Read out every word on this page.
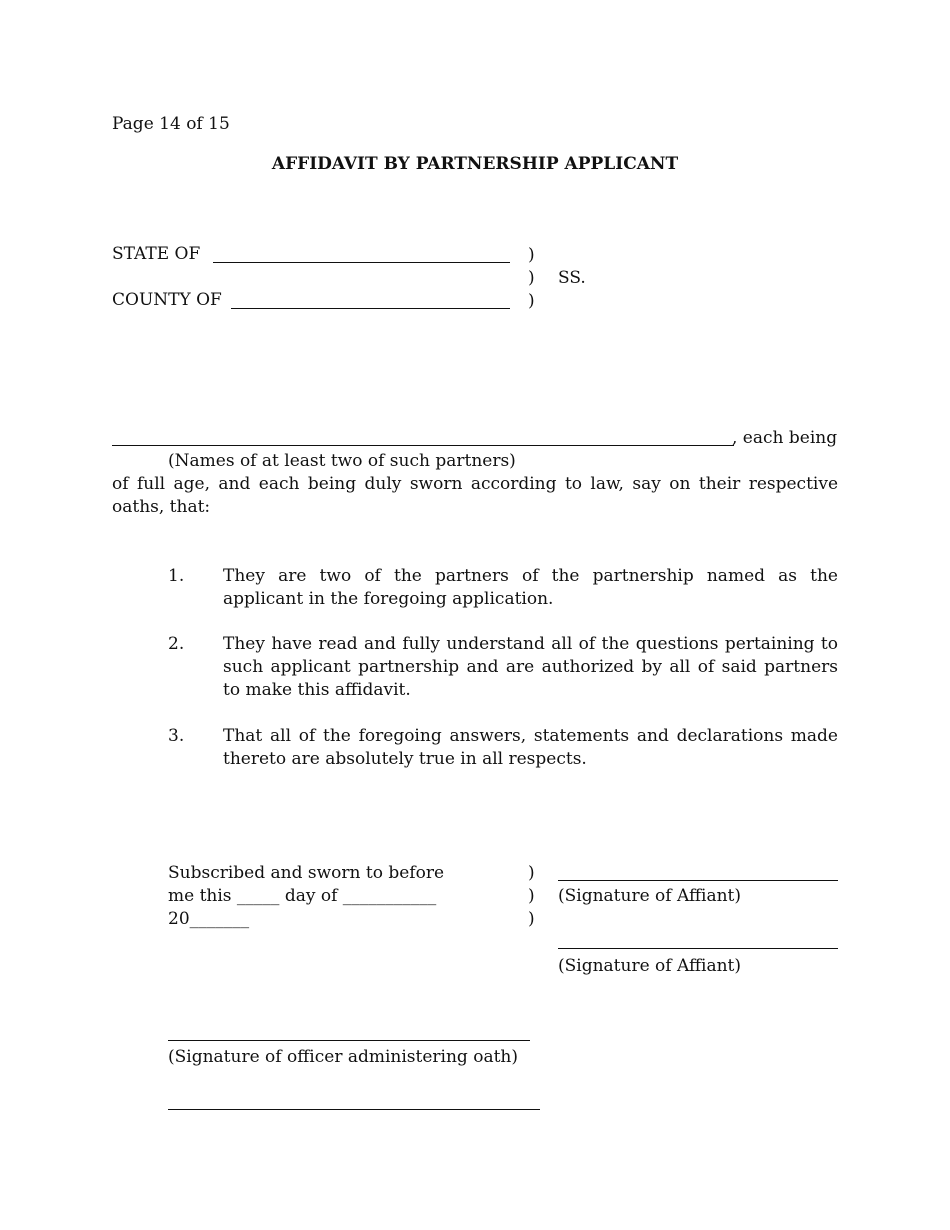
Page 14 of 15
AFFIDAVIT BY PARTNERSHIP APPLICANT
STATE OF	)
) SS.
)
COUNTY OF
, each being
(Names of at least two of such partners)
of full age, and each being duly sworn according to law, say on their respective oaths, that:
1. They are two of the partners of the partnership named as the applicant in the foregoing application.
2. They have read and fully understand all of the questions pertaining to such applicant partnership and are authorized by all of said partners to make this affidavit.
3. That all of the foregoing answers, statements and declarations made thereto are absolutely true in all respects.
Subscribed and sworn to before
me this _____ day of ___________
20_______
)
)
)
(Signature of Affiant)
(Signature of Affiant)
(Signature of officer administering oath)
